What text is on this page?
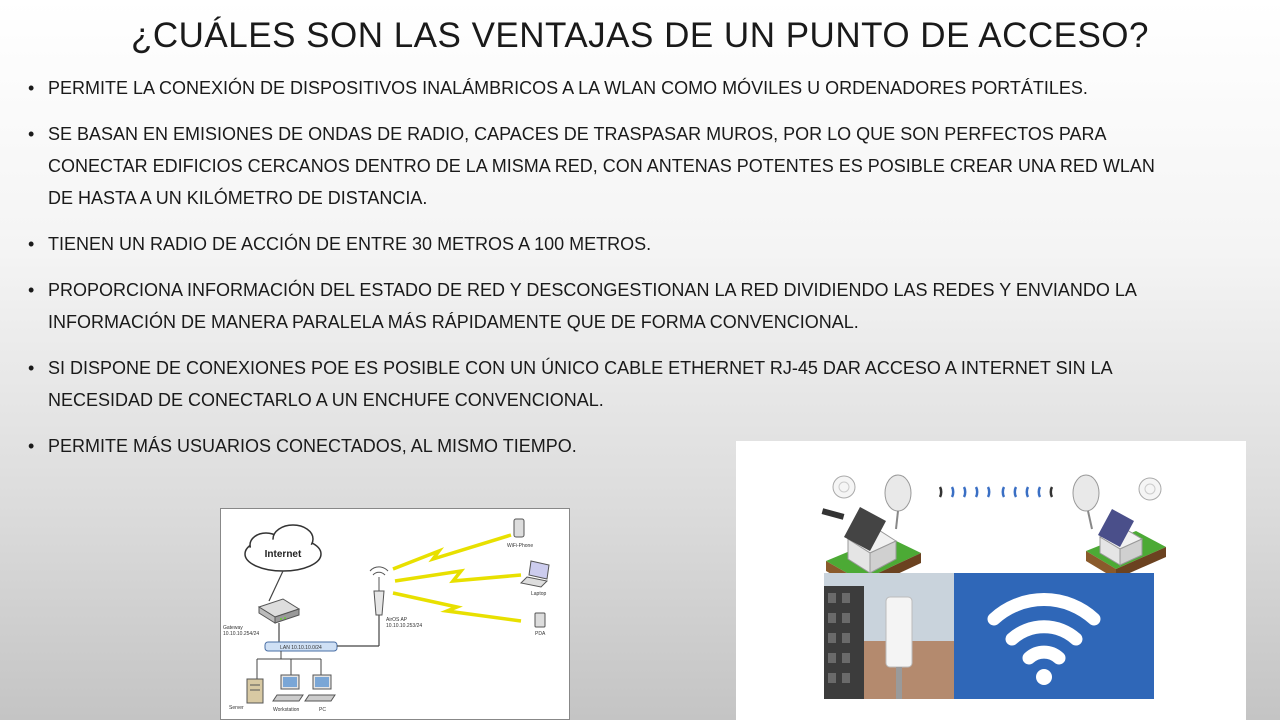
¿CUÁLES SON LAS VENTAJAS DE UN PUNTO DE ACCESO?
• PERMITE LA CONEXIÓN DE DISPOSITIVOS INALÁMBRICOS A LA WLAN COMO MÓVILES U ORDENADORES PORTÁTILES.
• SE BASAN EN EMISIONES DE ONDAS DE RADIO, CAPACES DE TRASPASAR MUROS, POR LO QUE SON PERFECTOS PARA CONECTAR EDIFICIOS CERCANOS DENTRO DE LA MISMA RED, CON ANTENAS POTENTES ES POSIBLE CREAR UNA RED WLAN DE HASTA A UN KILÓMETRO DE DISTANCIA.
• TIENEN UN RADIO DE ACCIÓN DE ENTRE 30 METROS A 100 METROS.
• PROPORCIONA INFORMACIÓN DEL ESTADO DE RED Y DESCONGESTIONAN LA RED DIVIDIENDO LAS REDES Y ENVIANDO LA INFORMACIÓN DE MANERA PARALELA MÁS RÁPIDAMENTE QUE DE FORMA CONVENCIONAL.
• SI DISPONE DE CONEXIONES POE ES POSIBLE CON UN ÚNICO CABLE ETHERNET RJ-45 DAR ACCESO A INTERNET SIN LA NECESIDAD DE CONECTARLO A UN ENCHUFE CONVENCIONAL.
• PERMITE MÁS USUARIOS CONECTADOS, AL MISMO TIEMPO.
Internet
Gateway
10.10.10.254/24
LAN 10.10.10.0/24
AirOS AP
10.10.10.253/24
WiFi-Phone
Laptop
PDA
Server	Workstation	PC
